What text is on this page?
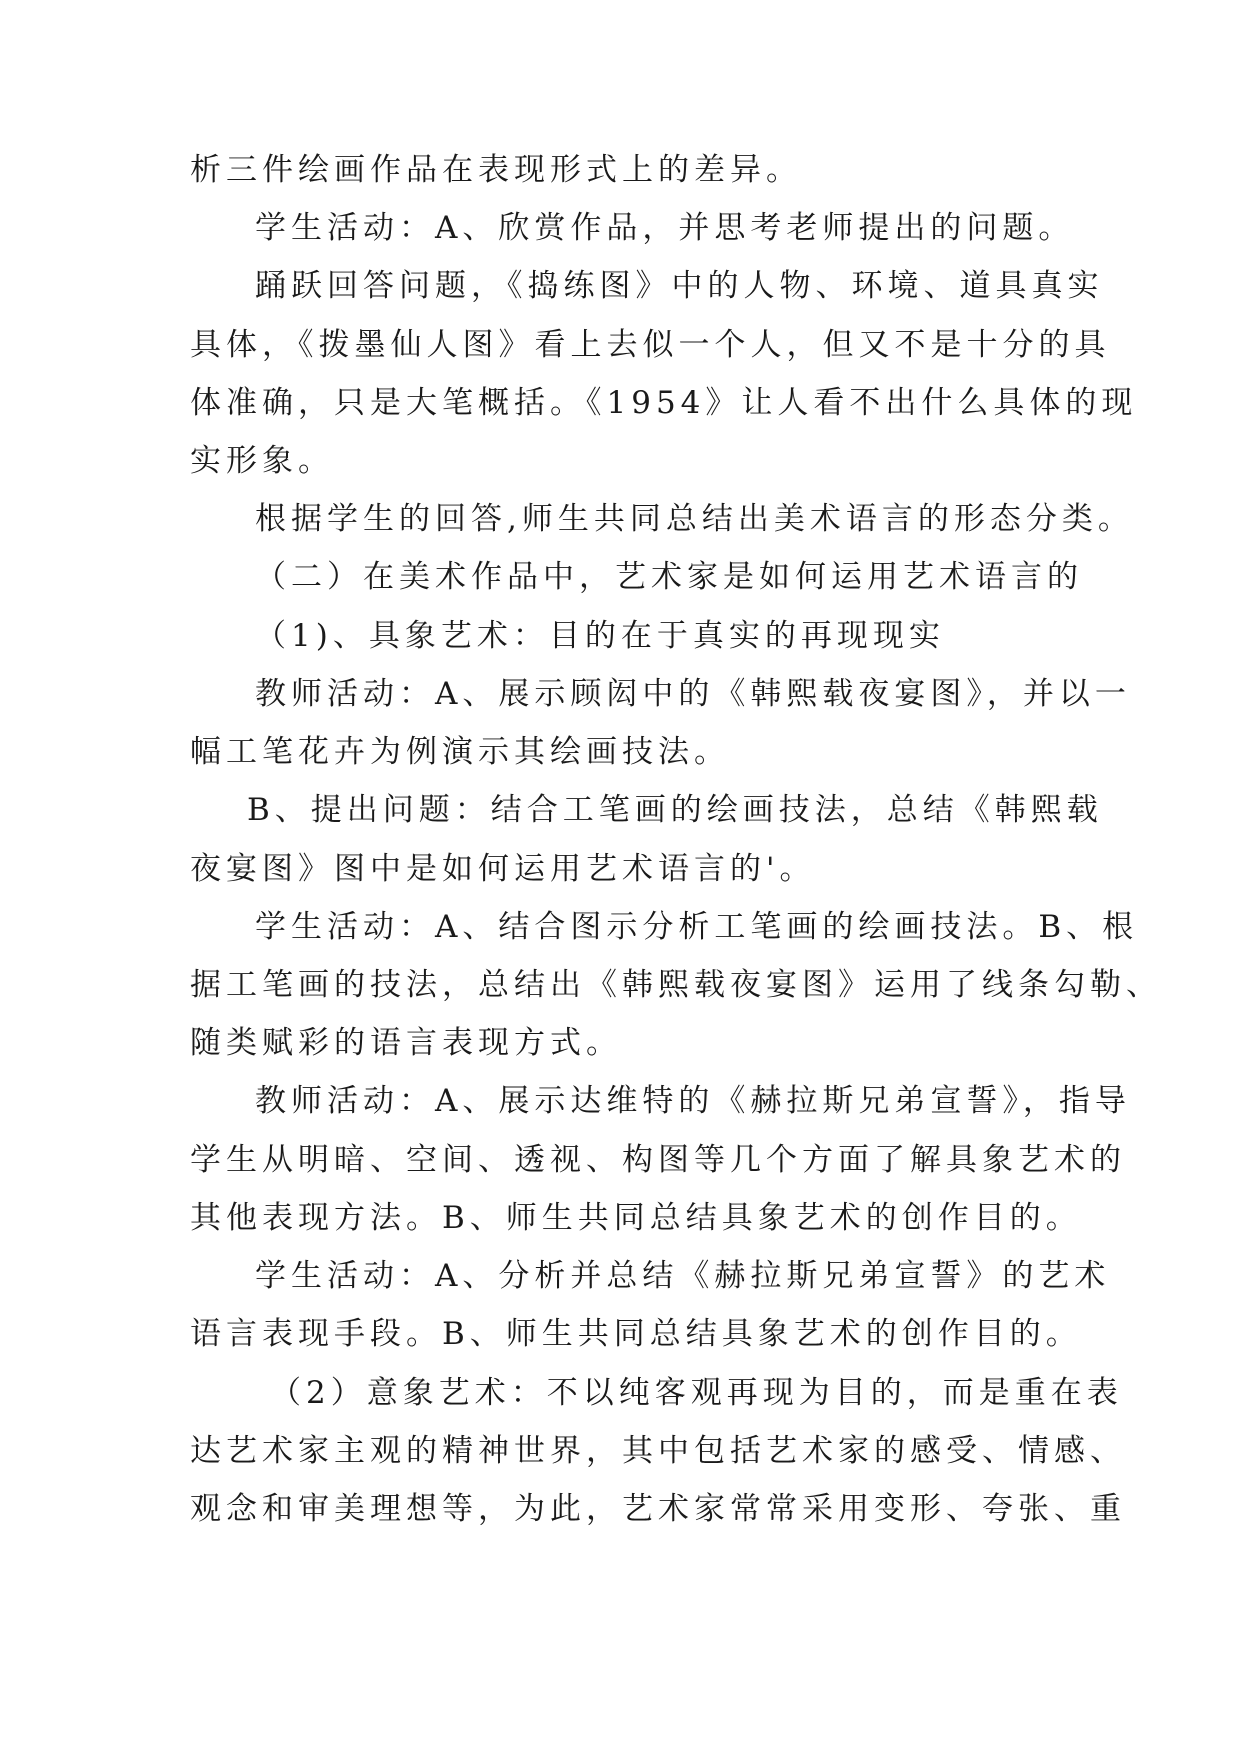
析三件绘画作品在表现形式上的差异。
学生活动：A、欣赏作品，并思考老师提出的问题。
踊跃回答问题，《捣练图》中的人物、环境、道具真实
具体，《拨墨仙人图》看上去似一个人，但又不是十分的具
体准确，只是大笔概括。《1954》让人看不出什么具体的现
实形象。
根据学生的回答,师生共同总结出美术语言的形态分类。
（二）在美术作品中，艺术家是如何运用艺术语言的
（1)、具象艺术：目的在于真实的再现现实
教师活动：A、展示顾闳中的《韩熙载夜宴图》，并以一
幅工笔花卉为例演示其绘画技法。
B、提出问题：结合工笔画的绘画技法，总结《韩熙载
夜宴图》图中是如何运用艺术语言的'。
学生活动：A、结合图示分析工笔画的绘画技法。B、根
据工笔画的技法，总结出《韩熙载夜宴图》运用了线条勾勒、
随类赋彩的语言表现方式。
教师活动：A、展示达维特的《赫拉斯兄弟宣誓》，指导
学生从明暗、空间、透视、构图等几个方面了解具象艺术的
其他表现方法。B、师生共同总结具象艺术的创作目的。
学生活动：A、分析并总结《赫拉斯兄弟宣誓》的艺术
语言表现手段。B、师生共同总结具象艺术的创作目的。
（2）意象艺术：不以纯客观再现为目的，而是重在表
达艺术家主观的精神世界，其中包括艺术家的感受、情感、
观念和审美理想等，为此，艺术家常常采用变形、夸张、重
